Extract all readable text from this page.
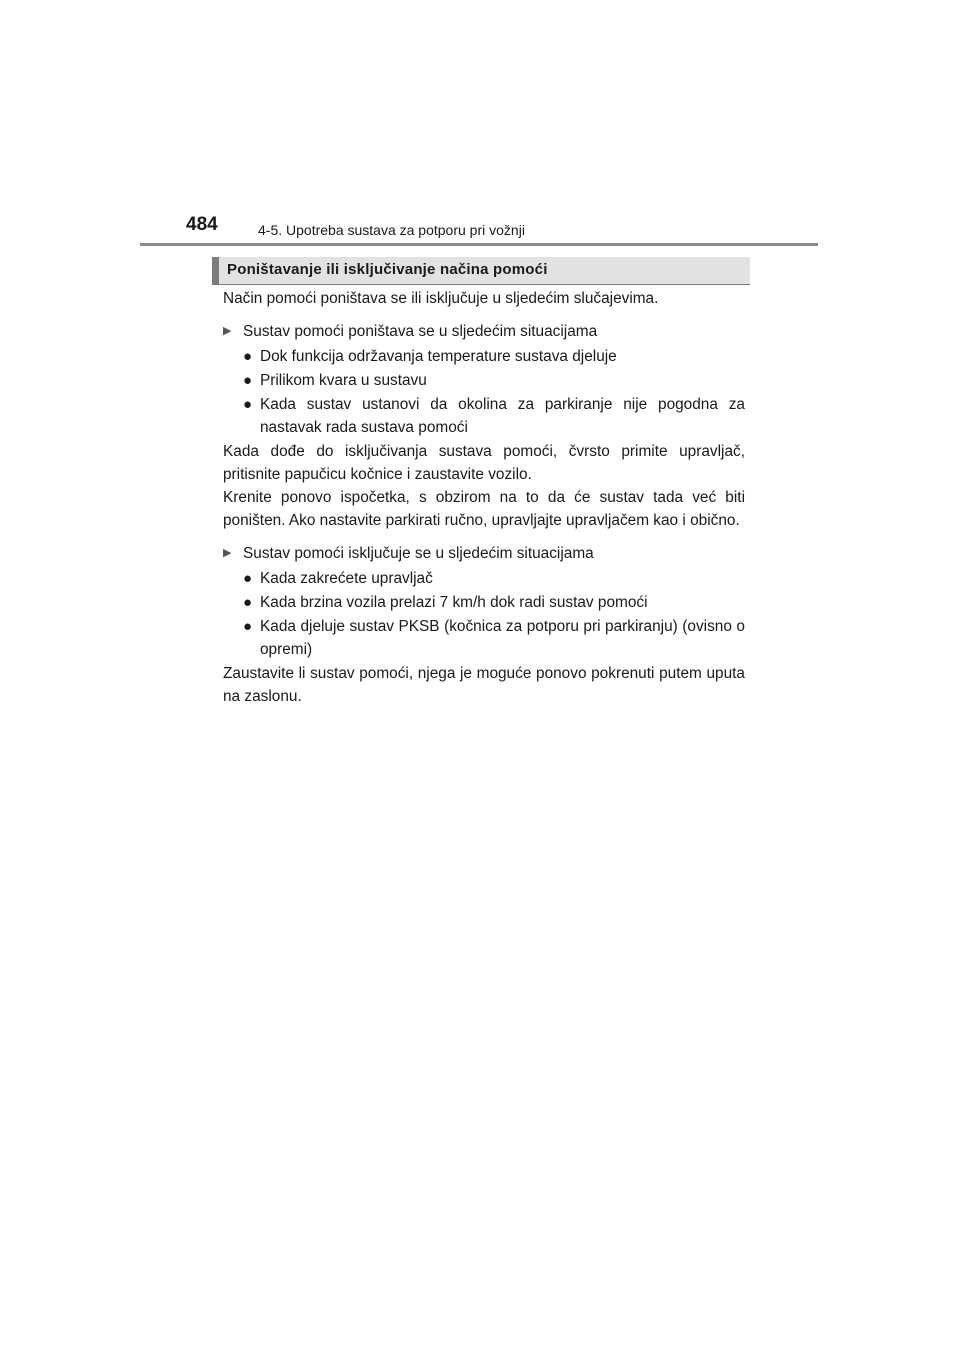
484	4-5. Upotreba sustava za potporu pri vožnji
Poništavanje ili isključivanje načina pomoći

Način pomoći poništava se ili isključuje u sljedećim slučajevima.

▶ Sustav pomoći poništava se u sljedećim situacijama
● Dok funkcija održavanja temperature sustava djeluje
● Prilikom kvara u sustavu
● Kada sustav ustanovi da okolina za parkiranje nije pogodna za nastavak rada sustava pomoći

Kada dođe do isključivanja sustava pomoći, čvrsto primite upravljač, pritisnite papučicu kočnice i zaustavite vozilo.

Krenite ponovo ispočetka, s obzirom na to da će sustav tada već biti poništen. Ako nastavite parkirati ručno, upravljajte upravljačem kao i obično.

▶ Sustav pomoći isključuje se u sljedećim situacijama
● Kada zakrećete upravljač
● Kada brzina vozila prelazi 7 km/h dok radi sustav pomoći
● Kada djeluje sustav PKSB (kočnica za potporu pri parkiranju) (ovisno o opremi)

Zaustavite li sustav pomoći, njega je moguće ponovo pokrenuti putem uputa na zaslonu.
